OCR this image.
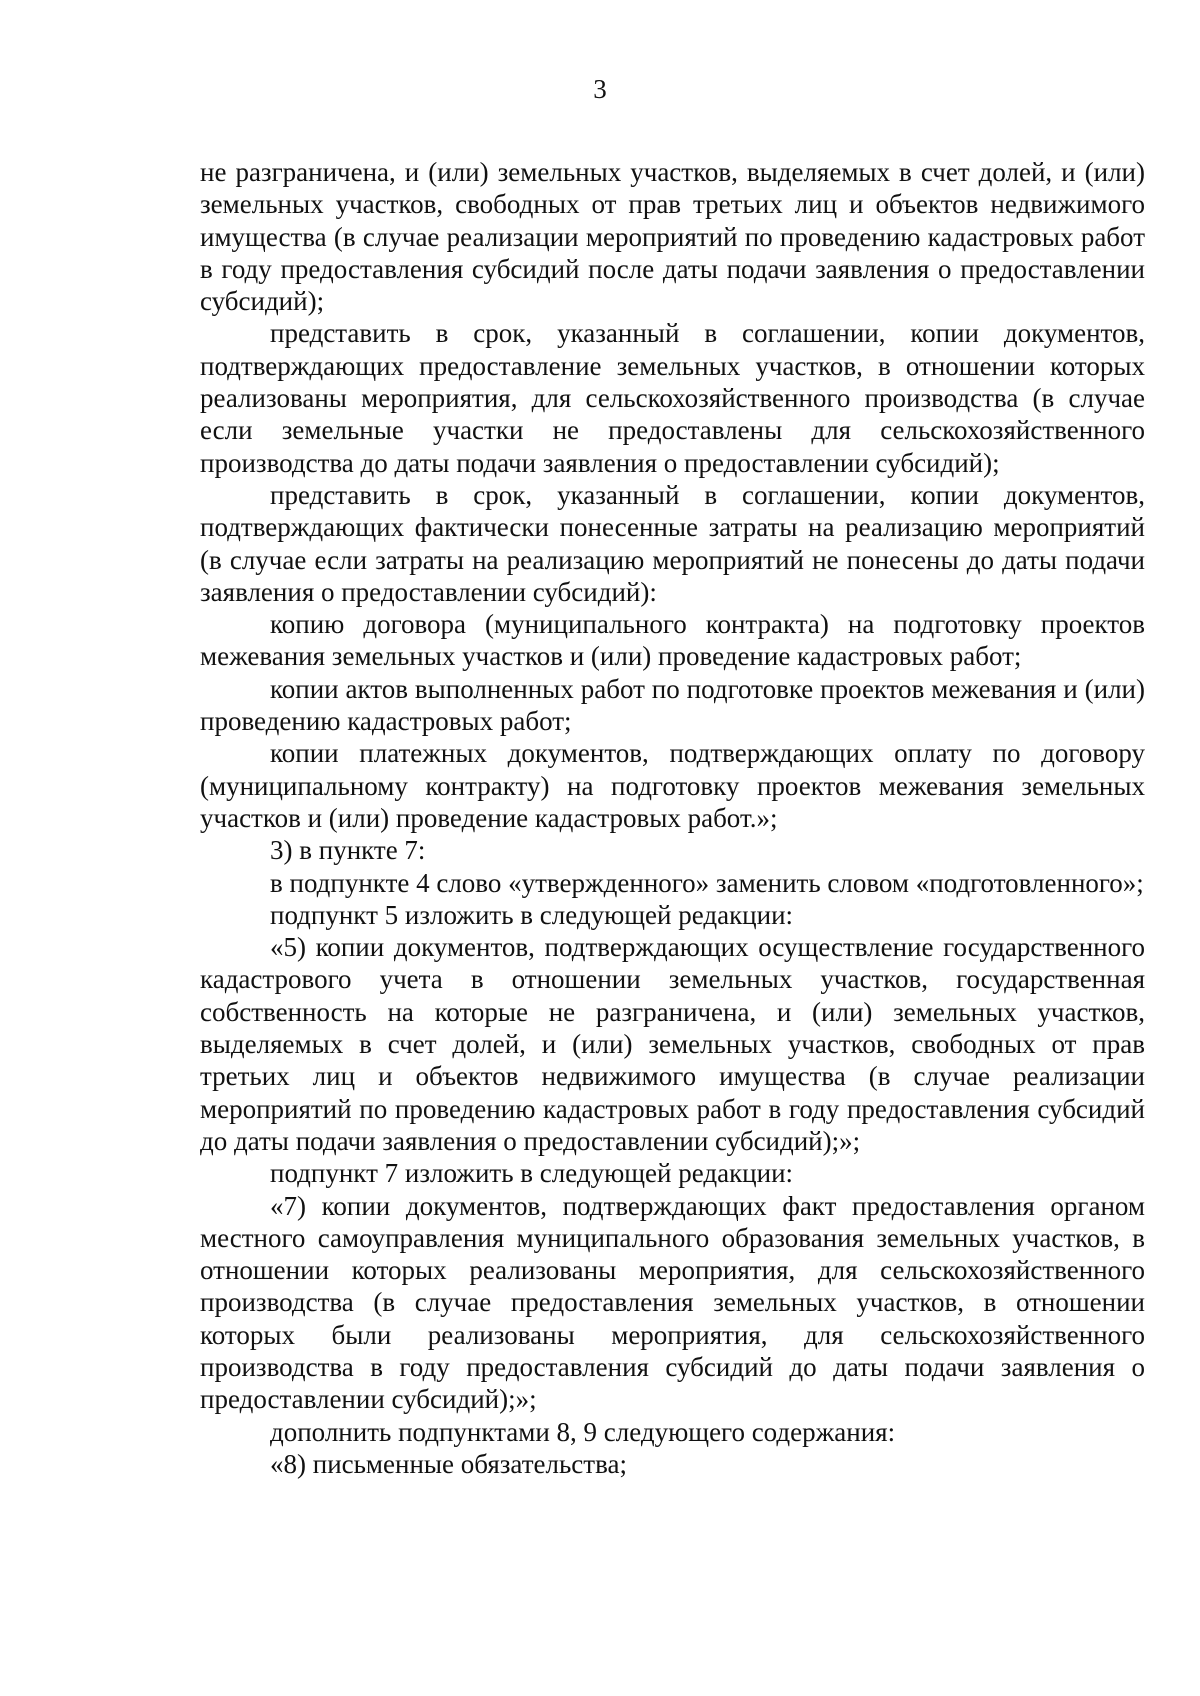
3

не разграничена, и (или) земельных участков, выделяемых в счет долей, и (или) земельных участков, свободных от прав третьих лиц и объектов недвижимого имущества (в случае реализации мероприятий по проведению кадастровых работ в году предоставления субсидий после даты подачи заявления о предоставлении субсидий);

представить в срок, указанный в соглашении, копии документов, подтверждающих предоставление земельных участков, в отношении которых реализованы мероприятия, для сельскохозяйственного производства (в случае если земельные участки не предоставлены для сельскохозяйственного производства до даты подачи заявления о предоставлении субсидий);

представить в срок, указанный в соглашении, копии документов, подтверждающих фактически понесенные затраты на реализацию мероприятий (в случае если затраты на реализацию мероприятий не понесены до даты подачи заявления о предоставлении субсидий):

копию договора (муниципального контракта) на подготовку проектов межевания земельных участков и (или) проведение кадастровых работ;

копии актов выполненных работ по подготовке проектов межевания и (или) проведению кадастровых работ;

копии платежных документов, подтверждающих оплату по договору (муниципальному контракту) на подготовку проектов межевания земельных участков и (или) проведение кадастровых работ.»;

3) в пункте 7:

в подпункте 4 слово «утвержденного» заменить словом «подготовленного»;

подпункт 5 изложить в следующей редакции:

«5) копии документов, подтверждающих осуществление государственного кадастрового учета в отношении земельных участков, государственная собственность на которые не разграничена, и (или) земельных участков, выделяемых в счет долей, и (или) земельных участков, свободных от прав третьих лиц и объектов недвижимого имущества (в случае реализации мероприятий по проведению кадастровых работ в году предоставления субсидий до даты подачи заявления о предоставлении субсидий);»;

подпункт 7 изложить в следующей редакции:

«7) копии документов, подтверждающих факт предоставления органом местного самоуправления муниципального образования земельных участков, в отношении которых реализованы мероприятия, для сельскохозяйственного производства (в случае предоставления земельных участков, в отношении которых были реализованы мероприятия, для сельскохозяйственного производства в году предоставления субсидий до даты подачи заявления о предоставлении субсидий);»;

дополнить подпунктами 8, 9 следующего содержания:

«8) письменные обязательства;
